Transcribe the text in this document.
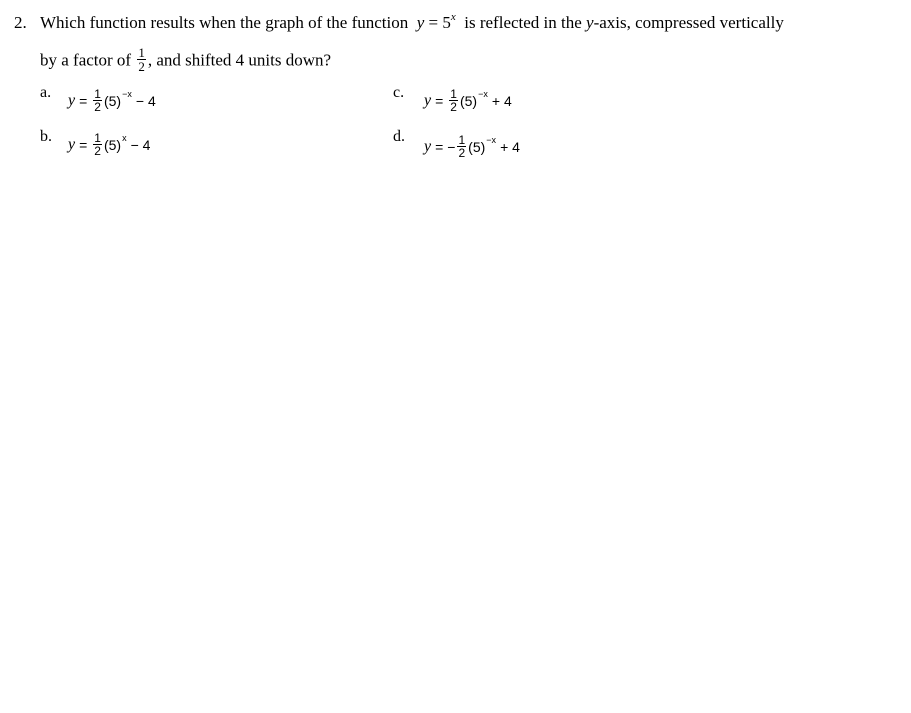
2. Which function results when the graph of the function $y = 5^x$ is reflected in the y-axis, compressed vertically
by a factor of $\frac{1}{2}$ , and shifted 4 units down?
a. $y = \frac{1}{2} (5) -x - 4$
b. $y = \frac{1}{2} (5) x - 4$
c. $y = \frac{1}{2} (5) -x + 4$
d.
y = − $\frac{1}{2} (5) -x + 4$
